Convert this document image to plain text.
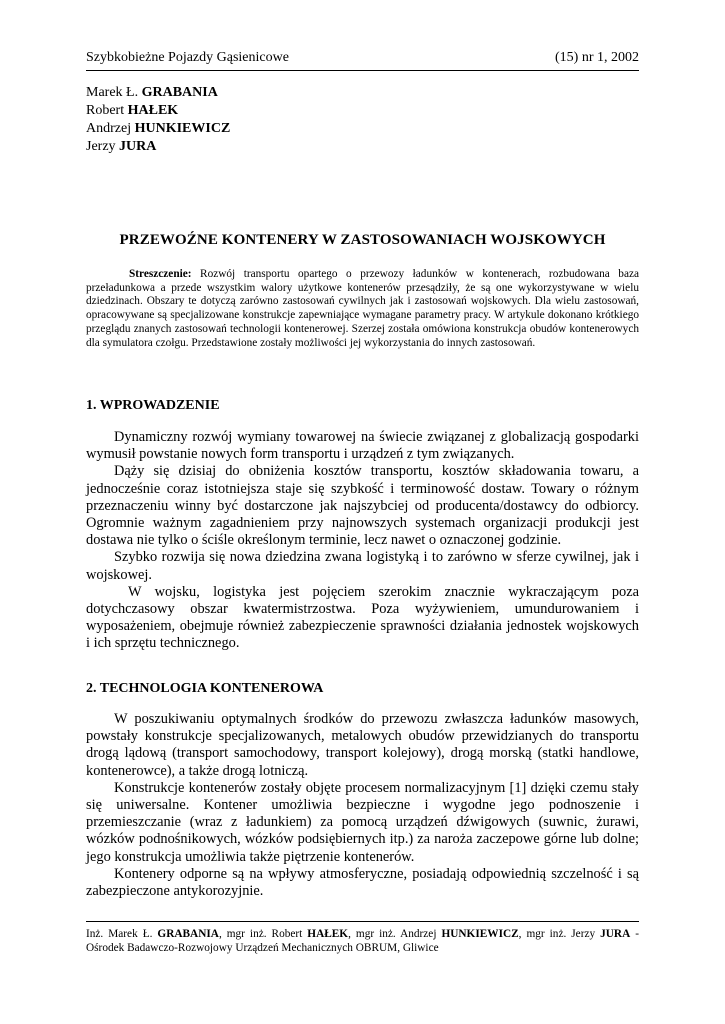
Szybkobieżne Pojazdy Gąsienicowe	(15) nr 1, 2002
Marek Ł. GRABANIA
Robert HAŁEK
Andrzej HUNKIEWICZ
Jerzy JURA
PRZEWOŹNE KONTENERY W ZASTOSOWANIACH WOJSKOWYCH
Streszczenie: Rozwój transportu opartego o przewozy ładunków w kontenerach, rozbudowana baza przeładunkowa a przede wszystkim walory użytkowe kontenerów przesądziły, że są one wykorzystywane w wielu dziedzinach. Obszary te dotyczą zarówno zastosowań cywilnych jak i zastosowań wojskowych. Dla wielu zastosowań, opracowywane są specjalizowane konstrukcje zapewniające wymagane parametry pracy. W artykule dokonano krótkiego przeglądu znanych zastosowań technologii kontenerowej. Szerzej została omówiona konstrukcja obudów kontenerowych dla symulatora czołgu. Przedstawione zostały możliwości jej wykorzystania do innych zastosowań.
1. WPROWADZENIE

Dynamiczny rozwój wymiany towarowej na świecie związanej z globalizacją gospodarki wymusił powstanie nowych form transportu i urządzeń z tym związanych.

Dąży się dzisiaj do obniżenia kosztów transportu, kosztów składowania towaru, a jednocześnie coraz istotniejsza staje się szybkość i terminowość dostaw. Towary o różnym przeznaczeniu winny być dostarczone jak najszybciej od producenta/dostawcy do odbiorcy. Ogromnie ważnym zagadnieniem przy najnowszych systemach organizacji produkcji jest dostawa nie tylko o ściśle określonym terminie, lecz nawet o oznaczonej godzinie.

Szybko rozwija się nowa dziedzina zwana logistyką i to zarówno w sferze cywilnej, jak i wojskowej.

W wojsku, logistyka jest pojęciem szerokim znacznie wykraczającym poza dotychczasowy obszar kwatermistrzostwa. Poza wyżywieniem, umundurowaniem i wyposażeniem, obejmuje również zabezpieczenie sprawności działania jednostek wojskowych i ich sprzętu technicznego.

2. TECHNOLOGIA KONTENEROWA

W poszukiwaniu optymalnych środków do przewozu zwłaszcza ładunków masowych, powstały konstrukcje specjalizowanych, metalowych obudów przewidzianych do transportu drogą lądową (transport samochodowy, transport kolejowy), drogą morską (statki handlowe, kontenerowce), a także drogą lotniczą.

Konstrukcje kontenerów zostały objęte procesem normalizacyjnym [1] dzięki czemu stały się uniwersalne. Kontener umożliwia bezpieczne i wygodne jego podnoszenie i przemieszczanie (wraz z ładunkiem) za pomocą urządzeń dźwigowych (suwnic, żurawi, wózków podnośnikowych, wózków podsiębiernych itp.) za naroża zaczepowe górne lub dolne; jego konstrukcja umożliwia także piętrzenie kontenerów.

Kontenery odporne są na wpływy atmosferyczne, posiadają odpowiednią szczelność i są zabezpieczone antykorozyjnie.

Inż. Marek Ł. GRABANIA, mgr inż. Robert HAŁEK, mgr inż. Andrzej HUNKIEWICZ, mgr inż. Jerzy JURA - Ośrodek Badawczo-Rozwojowy Urządzeń Mechanicznych OBRUM, Gliwice
